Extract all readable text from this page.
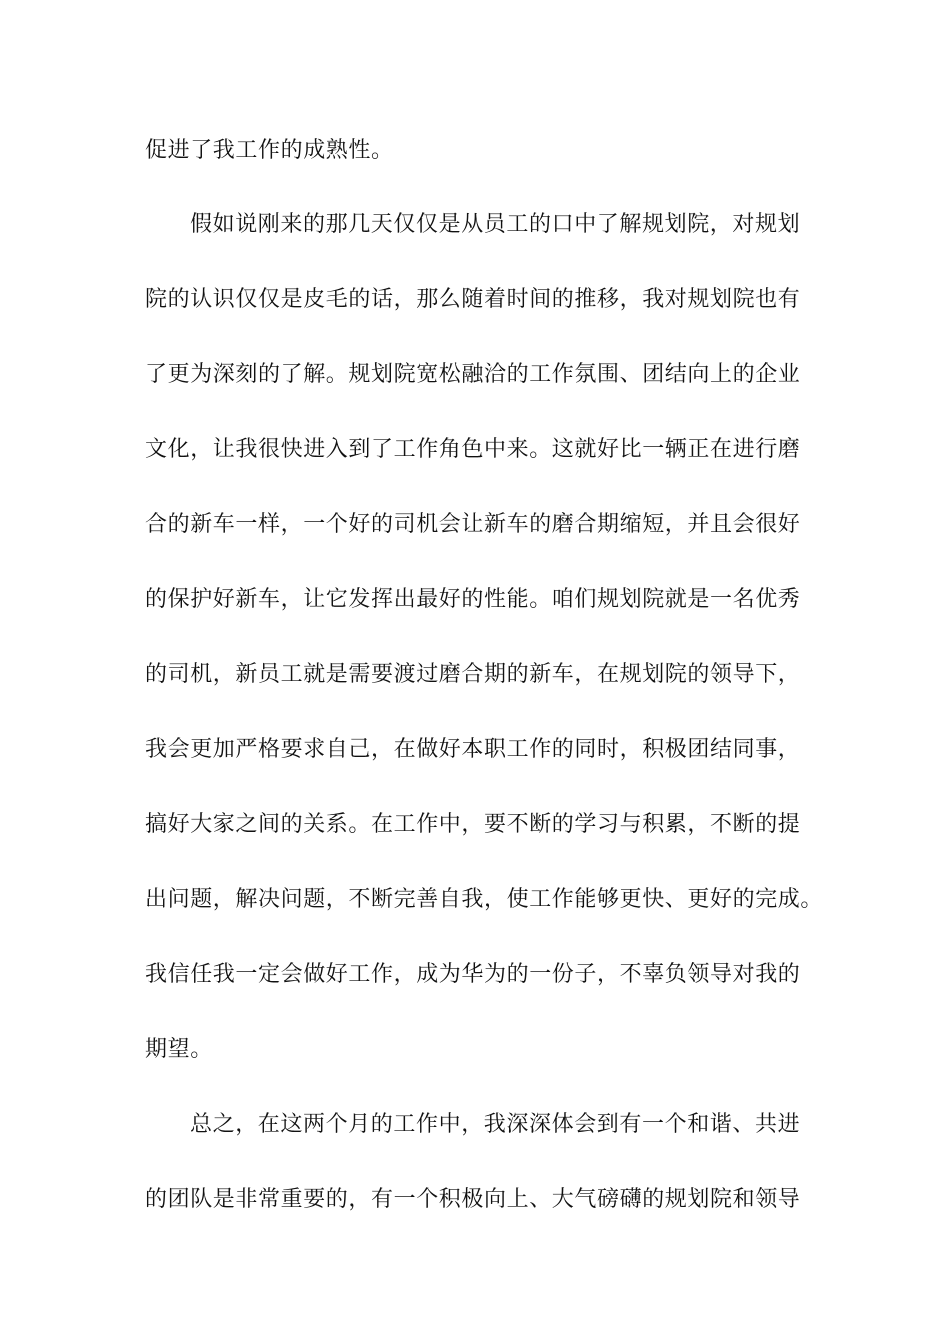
促进了我工作的成熟性。
假如说刚来的那几天仅仅是从员工的口中了解规划院，对规划
院的认识仅仅是皮毛的话，那么随着时间的推移，我对规划院也有
了更为深刻的了解。规划院宽松融洽的工作氛围、团结向上的企业
文化，让我很快进入到了工作角色中来。这就好比一辆正在进行磨
合的新车一样，一个好的司机会让新车的磨合期缩短，并且会很好
的保护好新车，让它发挥出最好的性能。咱们规划院就是一名优秀
的司机，新员工就是需要渡过磨合期的新车，在规划院的领导下，
我会更加严格要求自己，在做好本职工作的同时，积极团结同事，
搞好大家之间的关系。在工作中，要不断的学习与积累，不断的提
出问题，解决问题，不断完善自我，使工作能够更快、更好的完成。
我信任我一定会做好工作，成为华为的一份子，不辜负领导对我的
期望。
总之，在这两个月的工作中，我深深体会到有一个和谐、共进
的团队是非常重要的，有一个积极向上、大气磅礴的规划院和领导
